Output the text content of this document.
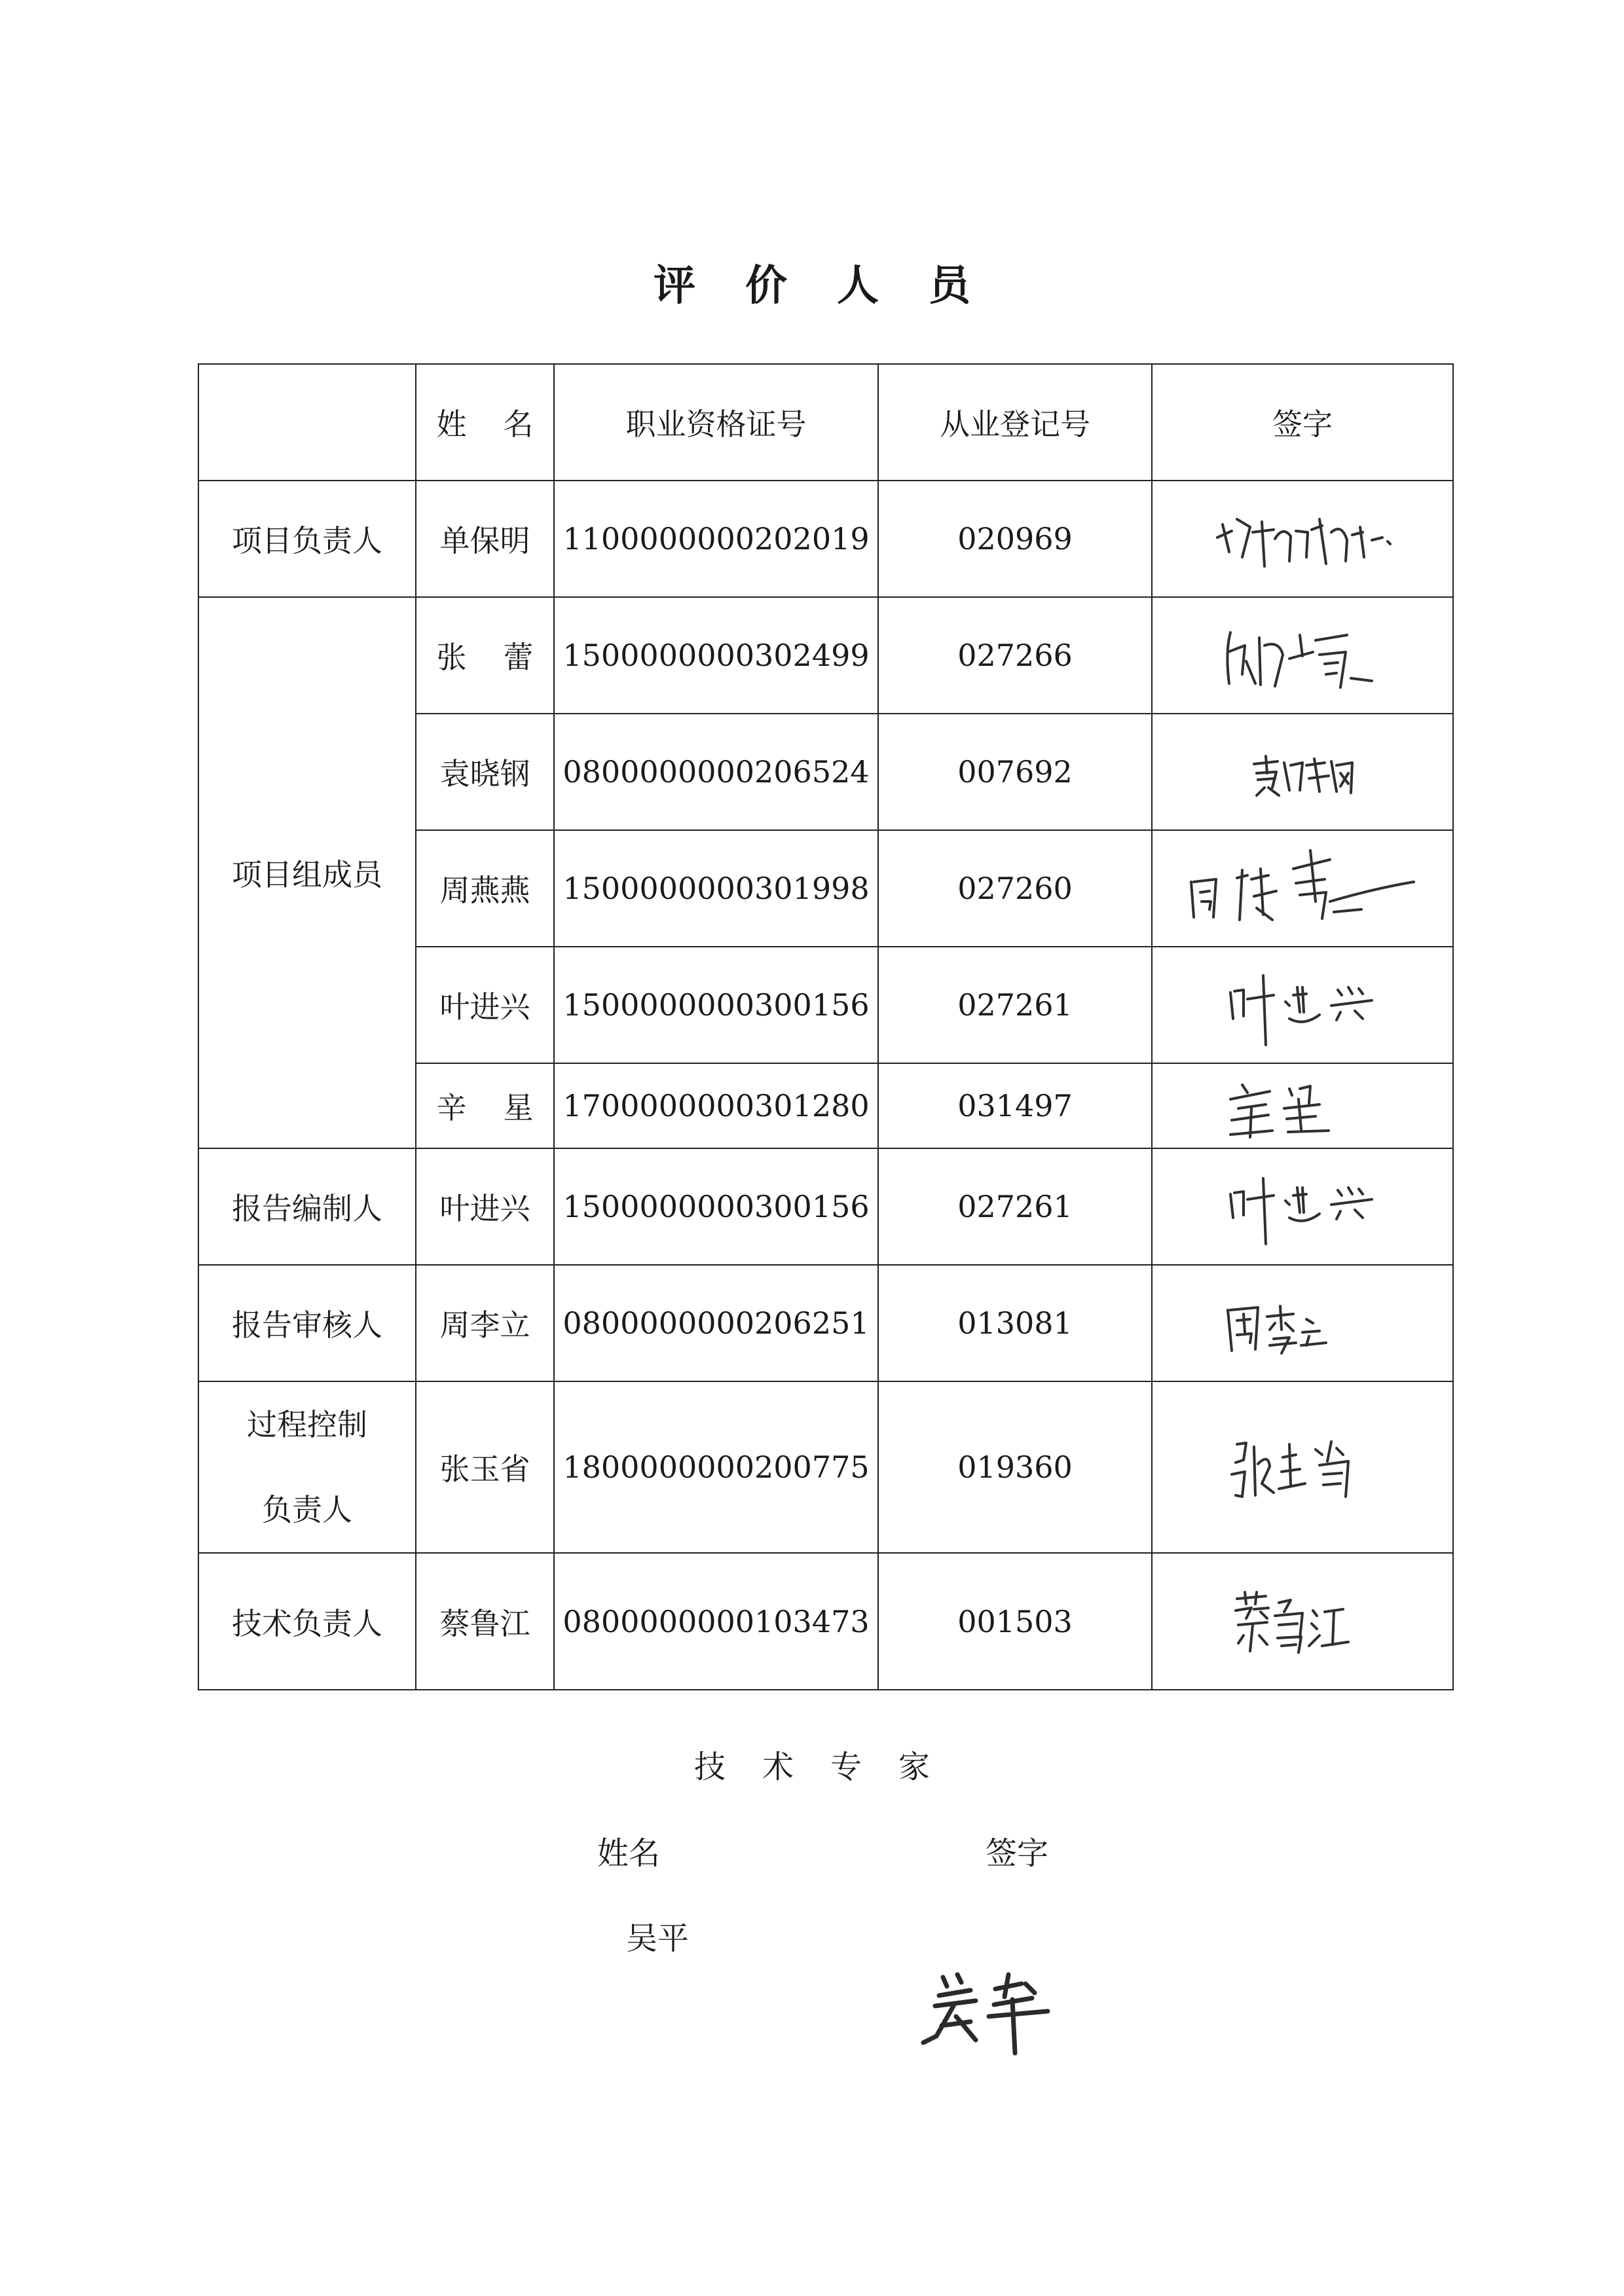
评 价 人 员
	姓 名	职业资格证号	从业登记号	签字
项目负责人	单保明	1100000000202019	020969	

项目组成员	张 蕾	1500000000302499	027266	

	袁晓钢	0800000000206524	007692	

	周燕燕	1500000000301998	027260	

	叶进兴	1500000000300156	027261	

	辛 星	1700000000301280	031497	

报告编制人	叶进兴	1500000000300156	027261	

报告审核人	周李立	0800000000206251	013081	

过程控制
负责人	张玉省	1800000000200775	019360	

技术负责人	蔡鲁江	0800000000103473	001503	
技 术 专 家
姓名	签字
吴平
